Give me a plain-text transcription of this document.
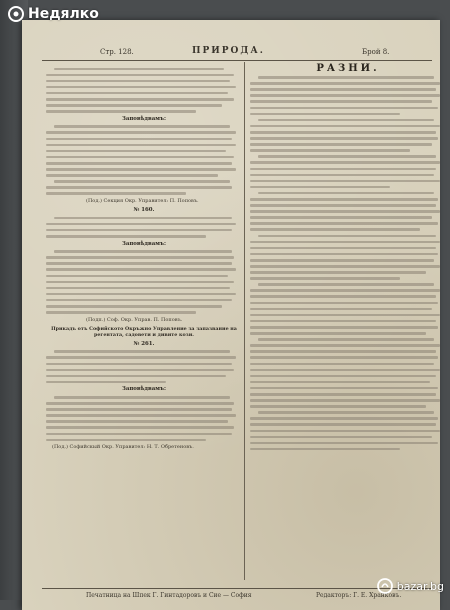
Стр. 128.	ПРИРОДА.	Брой 8.
Заповѣдвамъ:
(Под.) Секция Окр. Управител: П. Поповъ.
№ 160.
Заповѣдвамъ:
(Подп.) Соф. Окр. Управ. П. Поповъ.
Прикадъ отъ Софийското Окръжно Управление за запазвание на регентата, садовети и дивите кози.
№ 261.
Заповѣдвамъ:
(Под.) Софийскый Окр. Управител: Н. Т. Обретеновъ.
РАЗНИ.
Печатница на Шпек Г. Гинтадоровъ и Сие — София	Редакторъ: Г. Е. Хранковъ.
Недялко
bazar.bg
